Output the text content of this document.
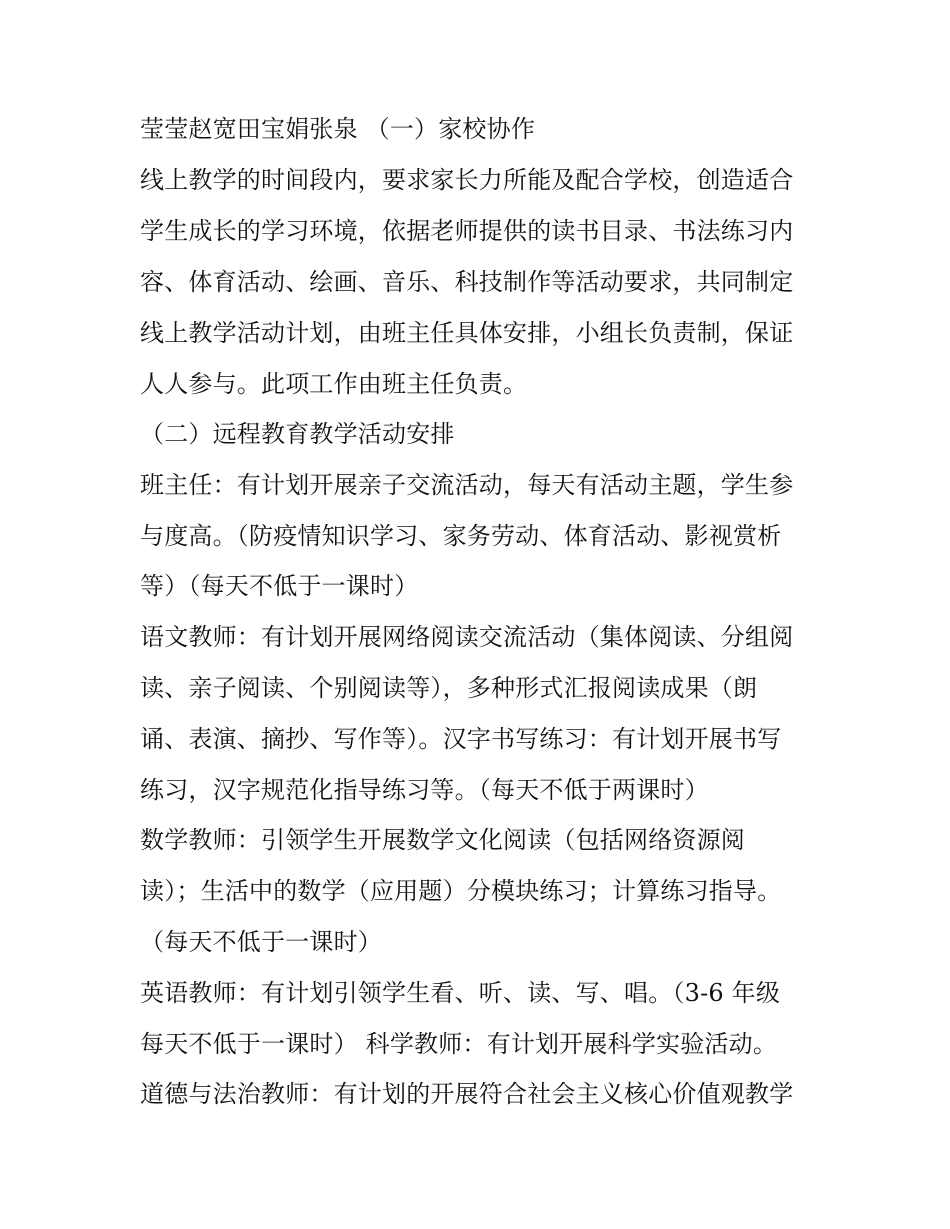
莹莹赵宽田宝娟张泉 （一）家校协作
线上教学的时间段内，要求家长力所能及配合学校，创造适合
学生成长的学习环境，依据老师提供的读书目录、书法练习内
容、体育活动、绘画、音乐、科技制作等活动要求，共同制定
线上教学活动计划，由班主任具体安排，小组长负责制，保证
人人参与。此项工作由班主任负责。
（二）远程教育教学活动安排
班主任：有计划开展亲子交流活动，每天有活动主题，学生参
与度高。（防疫情知识学习、家务劳动、体育活动、影视赏析
等）（每天不低于一课时）
语文教师：有计划开展网络阅读交流活动（集体阅读、分组阅
读、亲子阅读、个别阅读等），多种形式汇报阅读成果（朗
诵、表演、摘抄、写作等）。汉字书写练习：有计划开展书写
练习，汉字规范化指导练习等。（每天不低于两课时）
数学教师：引领学生开展数学文化阅读（包括网络资源阅
读）；生活中的数学（应用题）分模块练习；计算练习指导。
（每天不低于一课时）
英语教师：有计划引领学生看、听、读、写、唱。（3-6 年级
每天不低于一课时） 科学教师：有计划开展科学实验活动。
道德与法治教师：有计划的开展符合社会主义核心价值观教学
